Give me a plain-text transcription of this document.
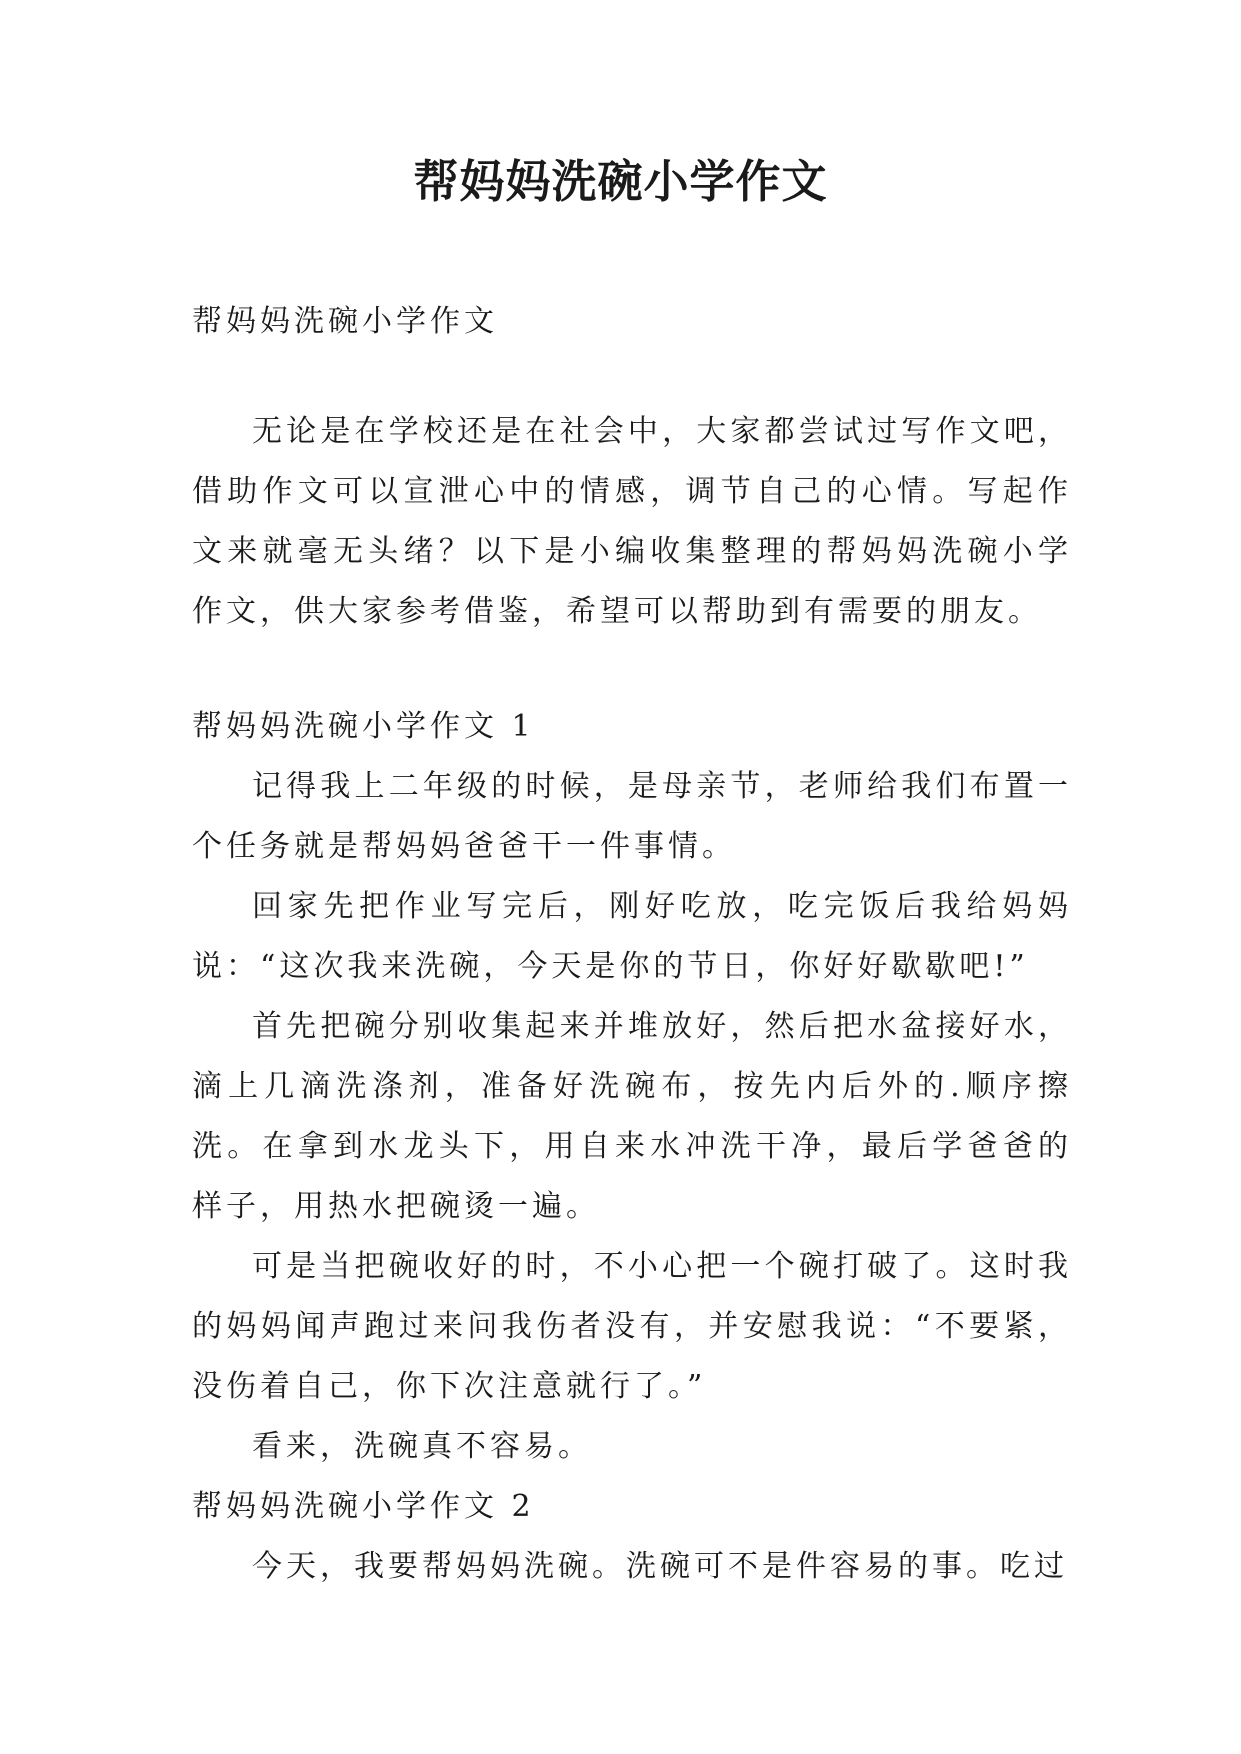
帮妈妈洗碗小学作文

帮妈妈洗碗小学作文

无论是在学校还是在社会中，大家都尝试过写作文吧，借助作文可以宣泄心中的情感，调节自己的心情。写起作文来就毫无头绪？以下是小编收集整理的帮妈妈洗碗小学作文，供大家参考借鉴，希望可以帮助到有需要的朋友。

帮妈妈洗碗小学作文 1

记得我上二年级的时候，是母亲节，老师给我们布置一个任务就是帮妈妈爸爸干一件事情。

回家先把作业写完后，刚好吃放，吃完饭后我给妈妈说：“这次我来洗碗，今天是你的节日，你好好歇歇吧!”

首先把碗分别收集起来并堆放好，然后把水盆接好水，滴上几滴洗涤剂，准备好洗碗布，按先内后外的.顺序擦洗。在拿到水龙头下，用自来水冲洗干净，最后学爸爸的样子，用热水把碗烫一遍。

可是当把碗收好的时，不小心把一个碗打破了。这时我的妈妈闻声跑过来问我伤者没有，并安慰我说：“不要紧，没伤着自己，你下次注意就行了。”

看来，洗碗真不容易。

帮妈妈洗碗小学作文 2

今天，我要帮妈妈洗碗。洗碗可不是件容易的事。吃过
